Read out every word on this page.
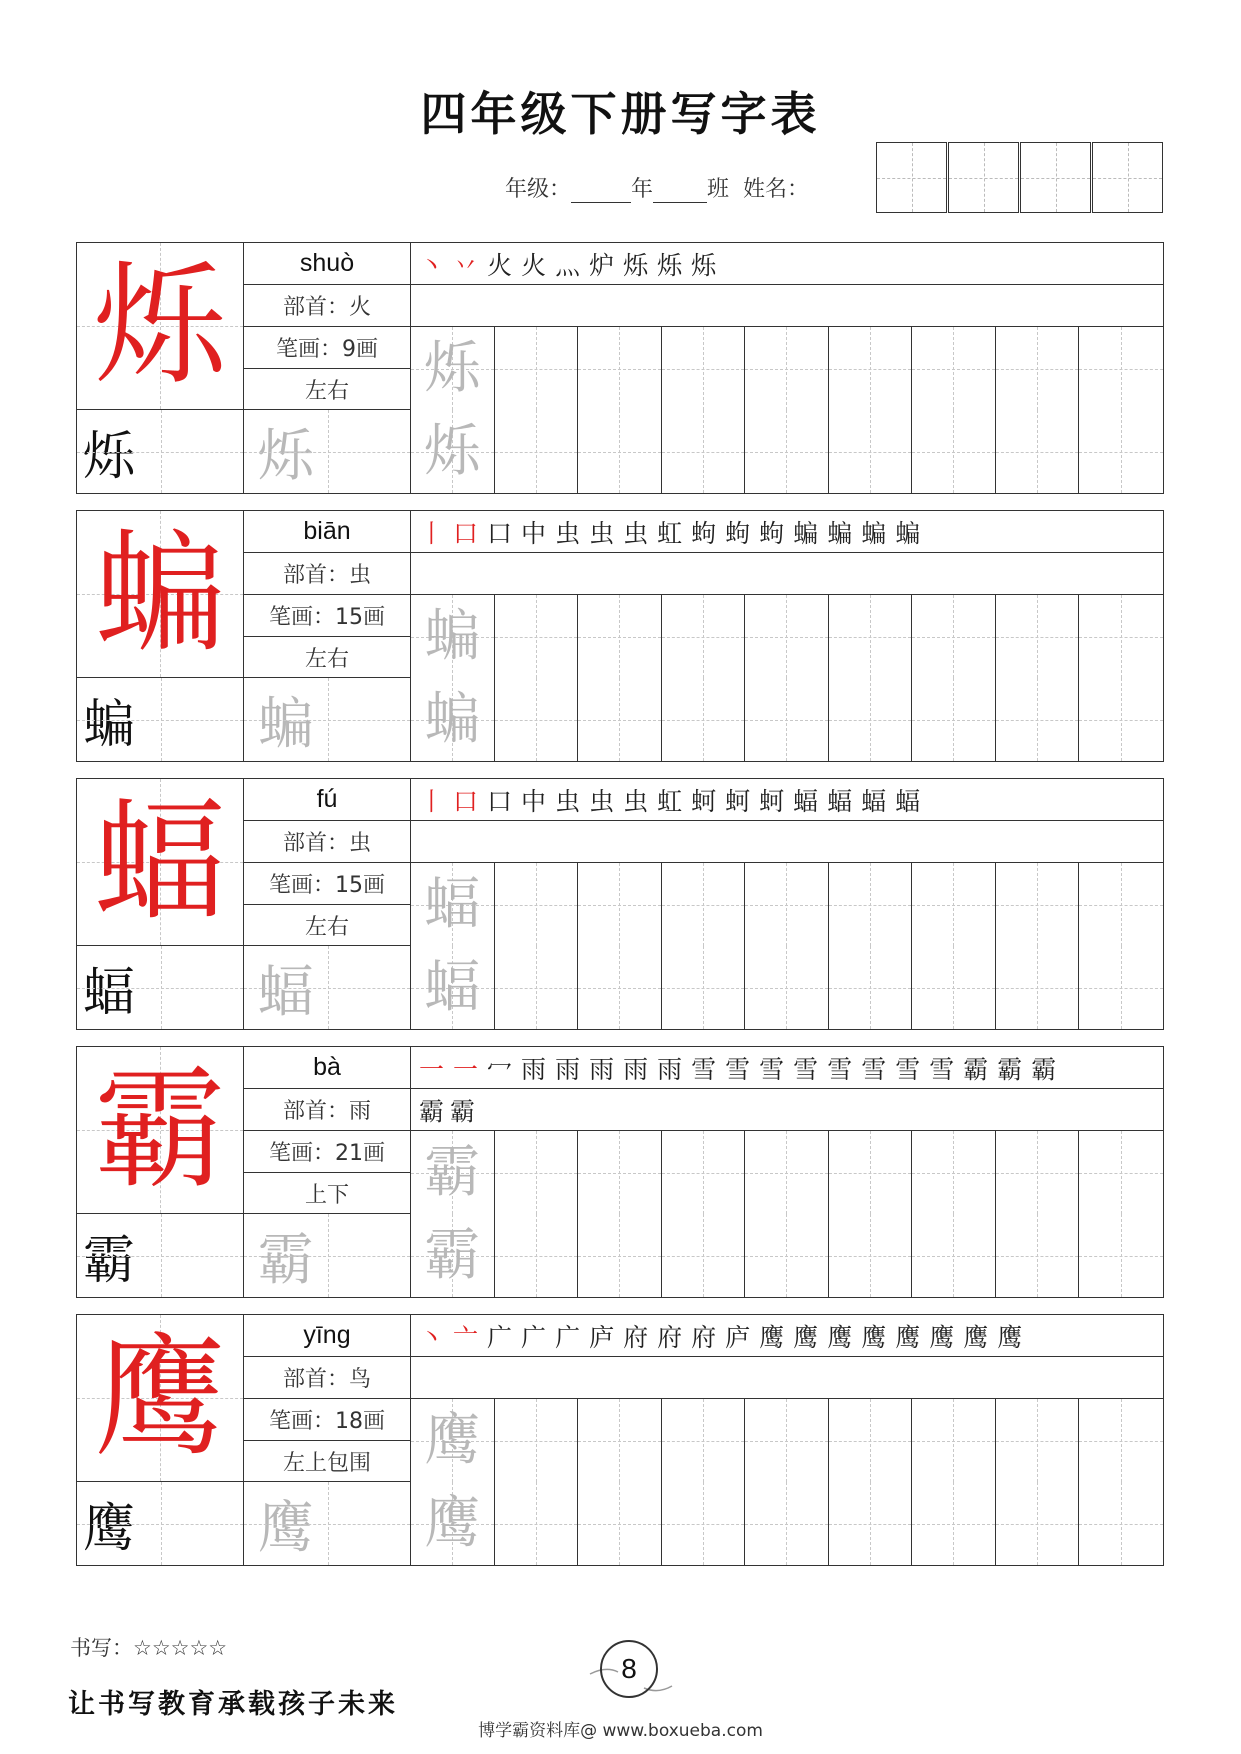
四年级下册写字表
年级：	年 班 姓名：
烁	shuò
部首：火
笔画：9画
左右
丶 丷 火 火 灬 炉 烁 烁 烁
烁
烁	烁 烁
蝙	biān
部首：虫
笔画：15画
左右
丨 口 口 中 虫 虫 虫 虹 蚼 蚼 蚼 蝙 蝙 蝙 蝙
蝙
蝙	蝙 蝙
蝠	fú
部首：虫
笔画：15画
左右
丨 口 口 中 虫 虫 虫 虹 蚵 蚵 蚵 蝠 蝠 蝠 蝠
蝠
蝠	蝠 蝠
霸	bà
部首：雨
笔画：21画
上下
一 一 冖 雨 雨 雨 雨 雨 雪 雪 雪 雪 雪 雪 雪 雪 霸 霸 霸
霸 霸
霸
霸	霸 霸
鹰	yīng
部首：鸟
笔画：18画
左上包围
丶 亠 广 广 广 庐 府 府 府 庐 鹰 鹰 鹰 鹰 鹰 鹰 鹰 鹰
鹰
鹰	鹰 鹰
书写：☆☆☆☆☆
让书写教育承载孩子未来
8
博学霸资料库@ www.boxueba.com
